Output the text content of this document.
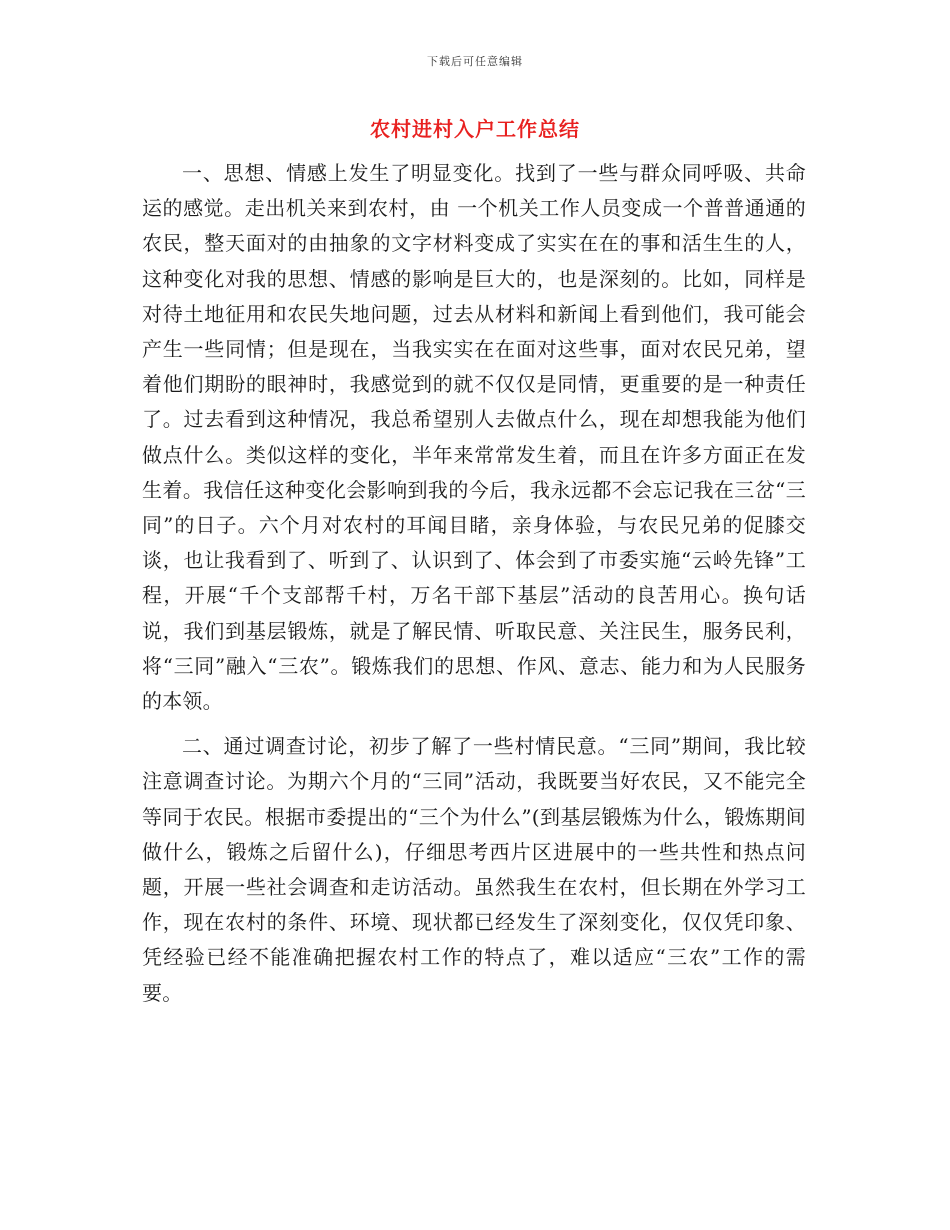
下载后可任意编辑
农村进村入户工作总结

一、思想、情感上发生了明显变化。找到了一些与群众同呼吸、共命运的感觉。走出机关来到农村，由 一个机关工作人员变成一个普普通通的农民，整天面对的由抽象的文字材料变成了实实在在的事和活生生的人，这种变化对我的思想、情感的影响是巨大的，也是深刻的。比如，同样是对待土地征用和农民失地问题，过去从材料和新闻上看到他们，我可能会产生一些同情；但是现在，当我实实在在面对这些事，面对农民兄弟，望着他们期盼的眼神时，我感觉到的就不仅仅是同情，更重要的是一种责任了。过去看到这种情况，我总希望别人去做点什么，现在却想我能为他们做点什么。类似这样的变化，半年来常常发生着，而且在许多方面正在发生着。我信任这种变化会影响到我的今后，我永远都不会忘记我在三岔“三同”的日子。六个月对农村的耳闻目睹，亲身体验，与农民兄弟的促膝交谈，也让我看到了、听到了、认识到了、体会到了市委实施“云岭先锋”工程，开展“千个支部帮千村，万名干部下基层”活动的良苦用心。换句话说，我们到基层锻炼，就是了解民情、听取民意、关注民生，服务民利，将“三同”融入“三农”。锻炼我们的思想、作风、意志、能力和为人民服务的本领。

二、通过调查讨论，初步了解了一些村情民意。“三同”期间，我比较注意调查讨论。为期六个月的“三同”活动，我既要当好农民，又不能完全等同于农民。根据市委提出的“三个为什么”(到基层锻炼为什么，锻炼期间做什么，锻炼之后留什么)，仔细思考西片区进展中的一些共性和热点问题，开展一些社会调查和走访活动。虽然我生在农村，但长期在外学习工作，现在农村的条件、环境、现状都已经发生了深刻变化，仅仅凭印象、凭经验已经不能准确把握农村工作的特点了，难以适应“三农”工作的需要。
